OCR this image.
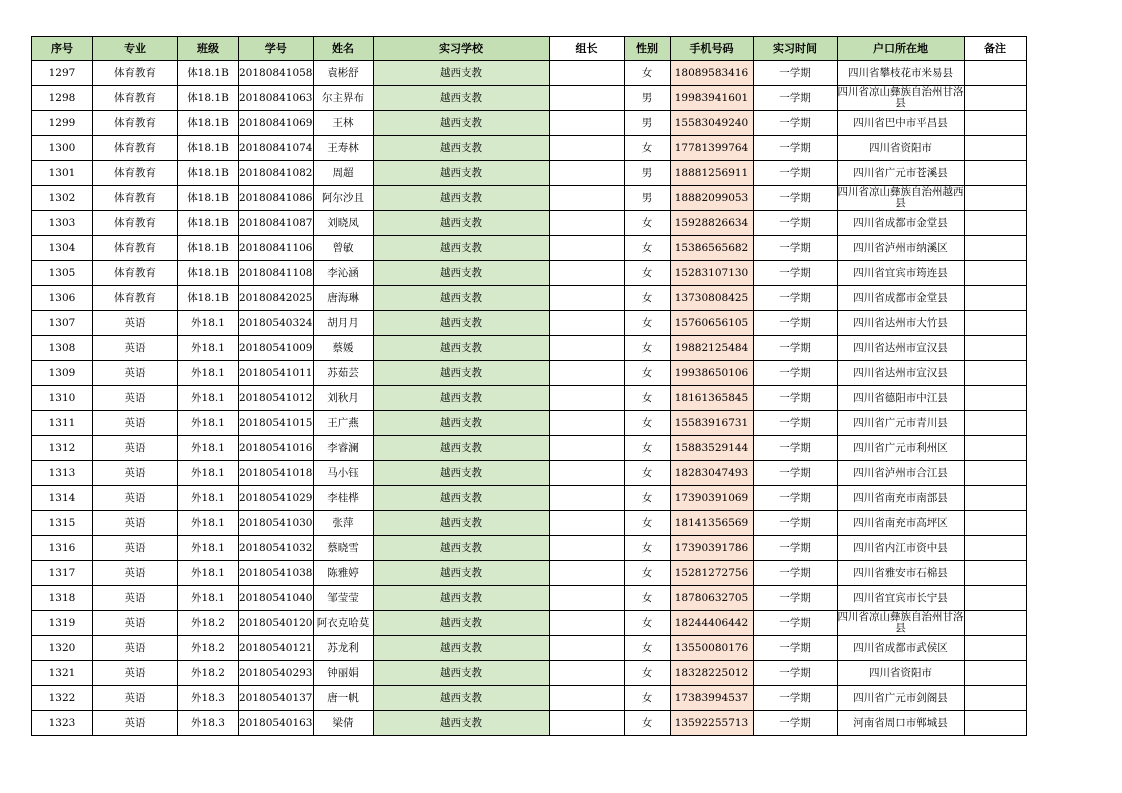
序号	专业	班级	学号	姓名	实习学校	组长	性别	手机号码	实习时间	户口所在地	备注
1297	体育教育	体18.1B	20180841058	袁彬舒	越西支教		女	18089583416	一学期	四川省攀枝花市米易县	
1298	体育教育	体18.1B	20180841063	尔主界布	越西支教		男	19983941601	一学期	四川省凉山彝族自治州甘洛县	
1299	体育教育	体18.1B	20180841069	王林	越西支教		男	15583049240	一学期	四川省巴中市平昌县	
1300	体育教育	体18.1B	20180841074	王寿林	越西支教		女	17781399764	一学期	四川省资阳市	
1301	体育教育	体18.1B	20180841082	周超	越西支教		男	18881256911	一学期	四川省广元市苍溪县	
1302	体育教育	体18.1B	20180841086	阿尔沙且	越西支教		男	18882099053	一学期	四川省凉山彝族自治州越西县	
1303	体育教育	体18.1B	20180841087	刘晓凤	越西支教		女	15928826634	一学期	四川省成都市金堂县	
1304	体育教育	体18.1B	20180841106	曾敏	越西支教		女	15386565682	一学期	四川省泸州市纳溪区	
1305	体育教育	体18.1B	20180841108	李沁涵	越西支教		女	15283107130	一学期	四川省宜宾市筠连县	
1306	体育教育	体18.1B	20180842025	唐海琳	越西支教		女	13730808425	一学期	四川省成都市金堂县	
1307	英语	外18.1	20180540324	胡月月	越西支教		女	15760656105	一学期	四川省达州市大竹县	
1308	英语	外18.1	20180541009	蔡媛	越西支教		女	19882125484	一学期	四川省达州市宣汉县	
1309	英语	外18.1	20180541011	苏茹芸	越西支教		女	19938650106	一学期	四川省达州市宣汉县	
1310	英语	外18.1	20180541012	刘秋月	越西支教		女	18161365845	一学期	四川省德阳市中江县	
1311	英语	外18.1	20180541015	王广燕	越西支教		女	15583916731	一学期	四川省广元市青川县	
1312	英语	外18.1	20180541016	李睿澜	越西支教		女	15883529144	一学期	四川省广元市利州区	
1313	英语	外18.1	20180541018	马小钰	越西支教		女	18283047493	一学期	四川省泸州市合江县	
1314	英语	外18.1	20180541029	李桂桦	越西支教		女	17390391069	一学期	四川省南充市南部县	
1315	英语	外18.1	20180541030	张萍	越西支教		女	18141356569	一学期	四川省南充市高坪区	
1316	英语	外18.1	20180541032	蔡晓雪	越西支教		女	17390391786	一学期	四川省内江市资中县	
1317	英语	外18.1	20180541038	陈雅婷	越西支教		女	15281272756	一学期	四川省雅安市石棉县	
1318	英语	外18.1	20180541040	邹莹莹	越西支教		女	18780632705	一学期	四川省宜宾市长宁县	
1319	英语	外18.2	20180540120	阿衣克哈莫	越西支教		女	18244406442	一学期	四川省凉山彝族自治州甘洛县	
1320	英语	外18.2	20180540121	苏龙利	越西支教		女	13550080176	一学期	四川省成都市武侯区	
1321	英语	外18.2	20180540293	钟丽娟	越西支教		女	18328225012	一学期	四川省资阳市	
1322	英语	外18.3	20180540137	唐一帆	越西支教		女	17383994537	一学期	四川省广元市剑阁县	
1323	英语	外18.3	20180540163	梁倩	越西支教		女	13592255713	一学期	河南省周口市郸城县	
